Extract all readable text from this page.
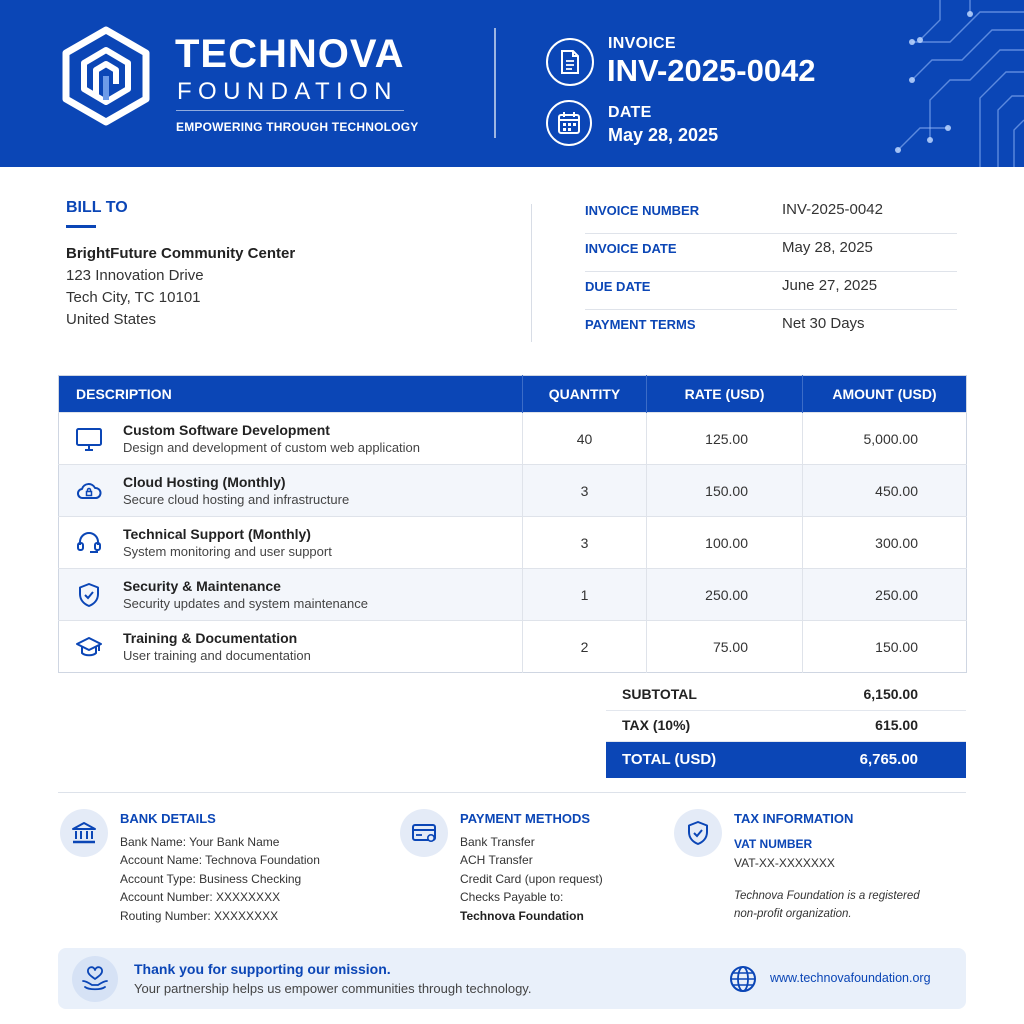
TECHNOVA
FOUNDATION
EMPOWERING THROUGH TECHNOLOGY
INVOICE
INV-2025-0042
DATE
May 28, 2025
BILL TO
BrightFuture Community Center
123 Innovation Drive
Tech City, TC 10101
United States
INVOICE NUMBER	INV-2025-0042
INVOICE DATE	May 28, 2025
DUE DATE	June 27, 2025
PAYMENT TERMS	Net 30 Days
DESCRIPTION	QUANTITY	RATE (USD)	AMOUNT (USD)

Custom Software Development
Design and development of custom web application	40	125.00	5,000.00

Cloud Hosting (Monthly)
Secure cloud hosting and infrastructure	3	150.00	450.00

Technical Support (Monthly)
System monitoring and user support	3	100.00	300.00

Security & Maintenance
Security updates and system maintenance	1	250.00	250.00

Training & Documentation
User training and documentation	2	75.00	150.00
SUBTOTAL	6,150.00
TAX (10%)	615.00
TOTAL (USD)	6,765.00
BANK DETAILS
Bank Name: Your Bank Name
Account Name: Technova Foundation
Account Type: Business Checking
Account Number: XXXXXXXX
Routing Number: XXXXXXXX
PAYMENT METHODS
Bank Transfer
ACH Transfer
Credit Card (upon request)
Checks Payable to:
Technova Foundation
TAX INFORMATION
VAT NUMBER
VAT-XX-XXXXXXX
Technova Foundation is a registered
non-profit organization.
Thank you for supporting our mission.
Your partnership helps us empower communities through technology.
www.technovafoundation.org
